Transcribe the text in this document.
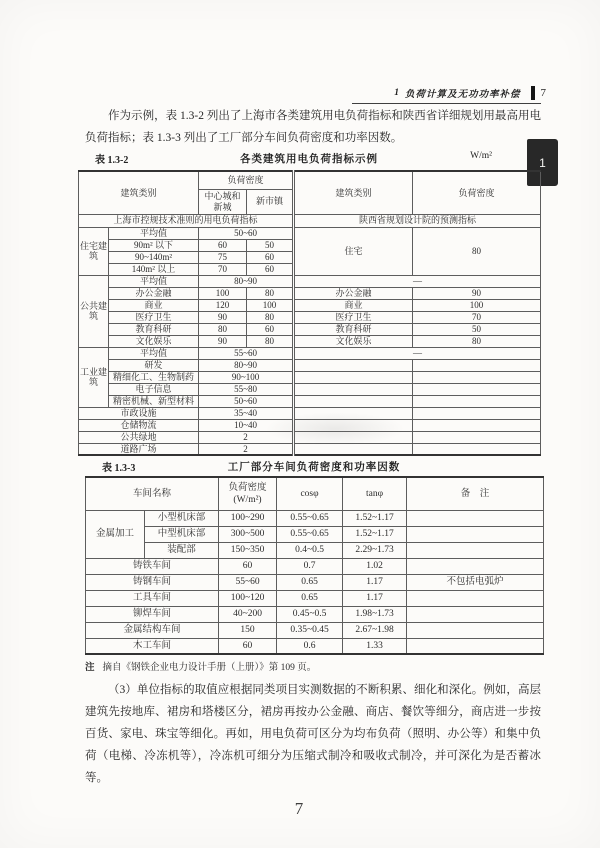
1 负荷计算及无功功率补偿 7
1

作为示例，表 1.3-2 列出了上海市各类建筑用电负荷指标和陕西省详细规划用最高用电负荷指标；表 1.3-3 列出了工厂部分车间负荷密度和功率因数。

表 1.3-2	各类建筑用电负荷指标示例	W/m²
建筑类别		负荷密度		建筑类别	负荷密度
		中心城和新城	新市镇		
上海市控规技术准则的用电负荷指标				陕西省规划设计院的预测指标	
住宅建筑	平均值	50~60		住宅	80
	90m² 以下	60	50		
	90~140m²	75	60		
	140m² 以上	70	60		
公共建筑	平均值	80~90		—	
	办公金融	100	80	办公金融	90
	商业	120	100	商业	100
	医疗卫生	90	80	医疗卫生	70
	教育科研	80	60	教育科研	50
	文化娱乐	90	80	文化娱乐	80
工业建筑	平均值	55~60		—	
	研发	80~90			
	精细化工、生物制药	90~100			
	电子信息	55~80			
	精密机械、新型材料	50~60			
市政设施		35~40			
仓储物流		10~40			
公共绿地		2			
道路广场		2			
表 1.3-3	工厂部分车间负荷密度和功率因数
车间名称		负荷密度
(W/m²)	cosφ	tanφ	备　注
金属加工	小型机床部	100~290	0.55~0.65	1.52~1.17	
	中型机床部	300~500	0.55~0.65	1.52~1.17	
	装配部	150~350	0.4~0.5	2.29~1.73	
铸铁车间		60	0.7	1.02	
铸钢车间		55~60	0.65	1.17	不包括电弧炉
工具车间		100~120	0.65	1.17	
铆焊车间		40~200	0.45~0.5	1.98~1.73	
金属结构车间		150	0.35~0.45	2.67~1.98	
木工车间		60	0.6	1.33	
注 摘自《钢铁企业电力设计手册（上册）》第 109 页。

（3）单位指标的取值应根据同类项目实测数据的不断积累、细化和深化。例如，高层建筑先按地库、裙房和塔楼区分，裙房再按办公金融、商店、餐饮等细分，商店进一步按百货、家电、珠宝等细化。再如，用电负荷可区分为均布负荷（照明、办公等）和集中负荷（电梯、冷冻机等），冷冻机可细分为压缩式制冷和吸收式制冷，并可深化为是否蓄冰等。

7
